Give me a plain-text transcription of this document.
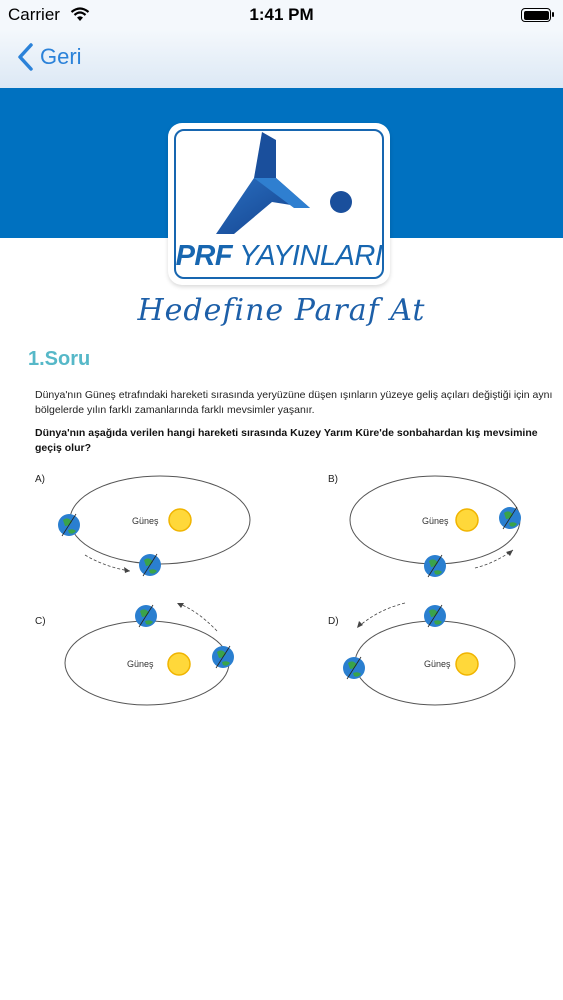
Carrier	1:41 PM
Geri
PRF YAYINLARI
Hedefine Paraf At
1.Soru
Dünya'nın Güneş etrafındaki hareketi sırasında yeryüzüne düşen ışınların yüzeye geliş açıları değiştiği için aynı bölgelerde yılın farklı zamanlarında farklı mevsimler yaşanır.
Dünya'nın aşağıda verilen hangi hareketi sırasında Kuzey Yarım Küre'de sonbahardan kış mevsimine geçiş olur?
A)
Güneş
B)
Güneş
C)
Güneş
D)
Güneş
